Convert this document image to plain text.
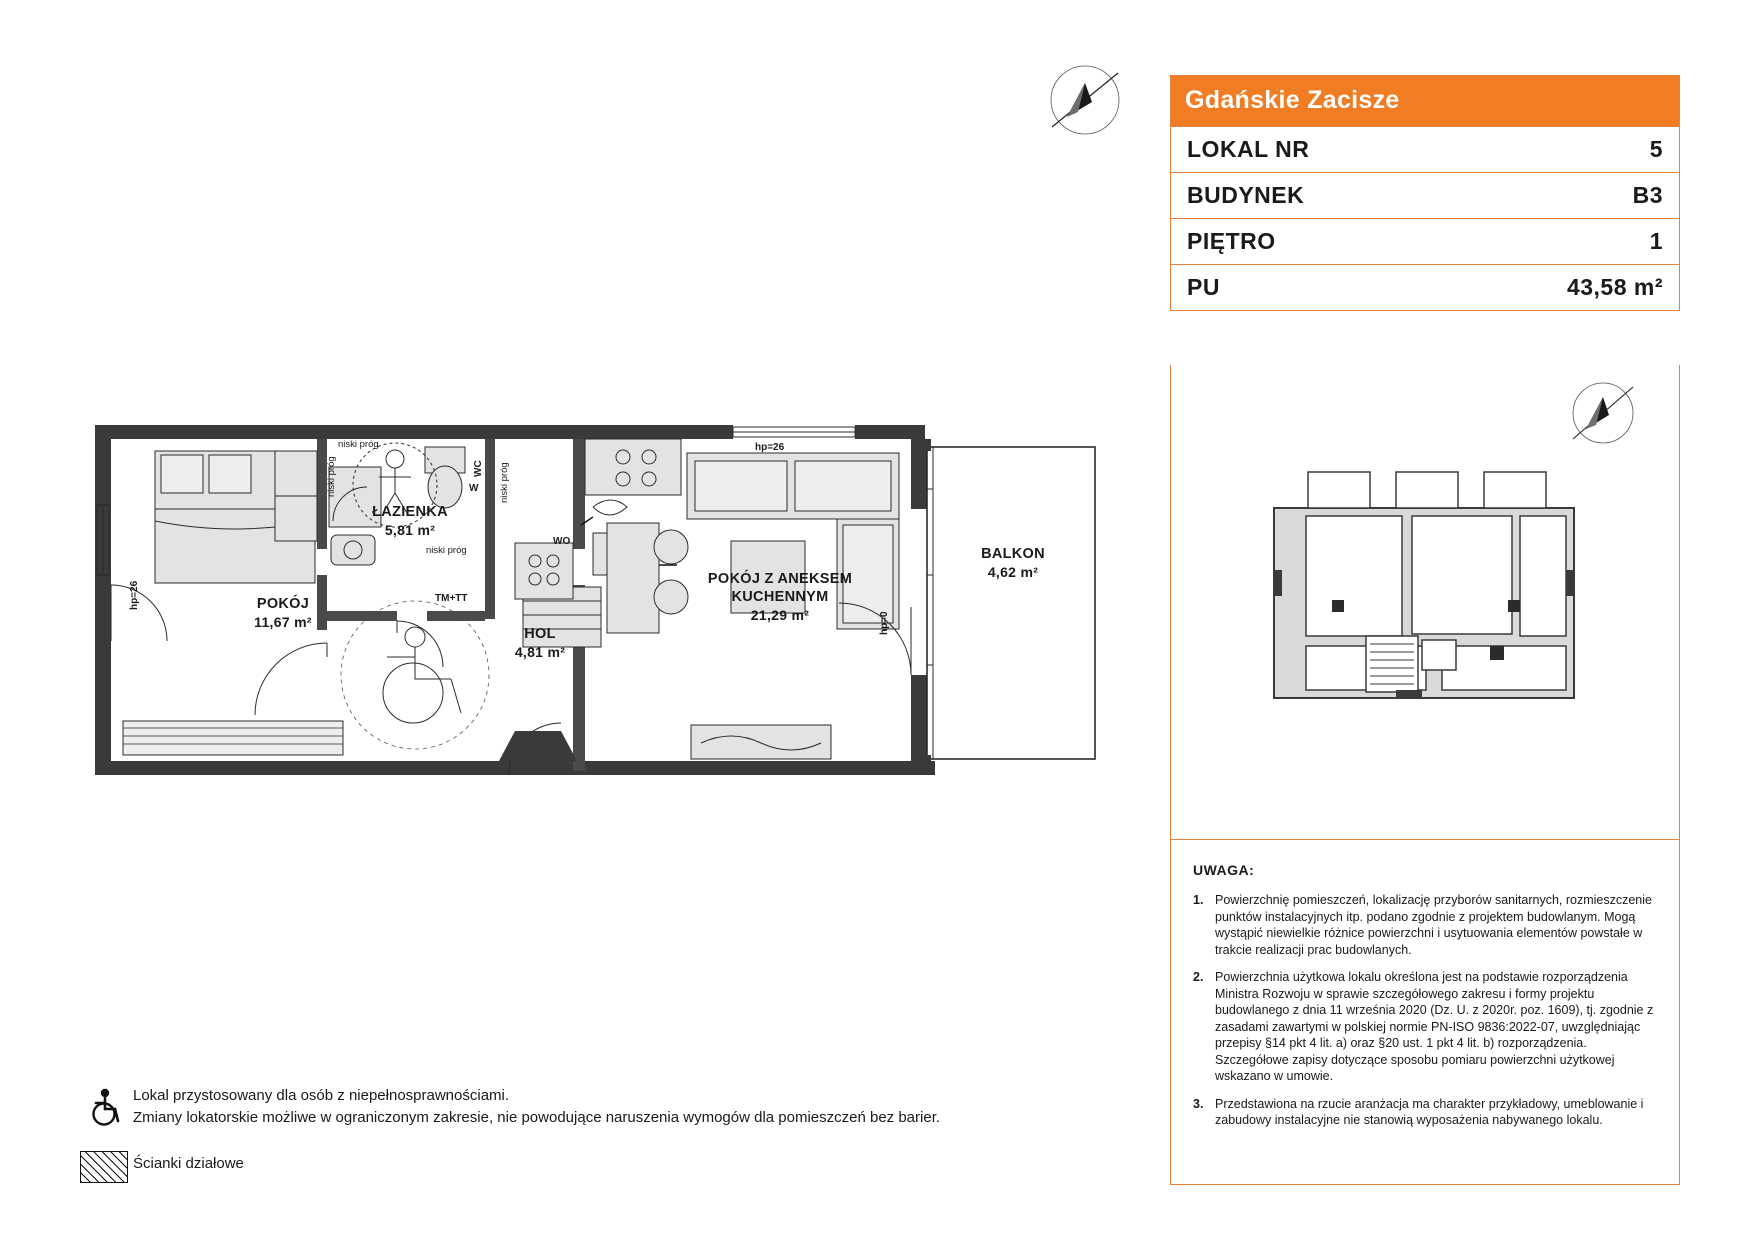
Gdańskie Zacisze
LOKAL NR	5
BUDYNEK	B3
PIĘTRO	1
PU	43,58 m²
UWAGA:
1. Powierzchnię pomieszczeń, lokalizację przyborów sanitarnych, rozmieszczenie punktów instalacyjnych itp. podano zgodnie z projektem budowlanym. Mogą wystąpić niewielkie różnice powierzchni i usytuowania elementów powstałe w trakcie realizacji prac budowlanych.
2. Powierzchnia użytkowa lokalu określona jest na podstawie rozporządzenia Ministra Rozwoju w sprawie szczegółowego zakresu i formy projektu budowlanego z dnia 11 września 2020 (Dz. U. z 2020r. poz. 1609), tj. zgodnie z zasadami zawartymi w polskiej normie PN-ISO 9836:2022-07, uwzględniając przepisy §14 pkt 4 lit. a) oraz §20 ust. 1 pkt 4 lit. b) rozporządzenia. Szczegółowe zapisy dotyczące sposobu pomiaru powierzchni użytkowej wskazano w umowie.
3. Przedstawiona na rzucie aranżacja ma charakter przykładowy, umeblowanie i zabudowy instalacyjne nie stanowią wyposażenia nabywanego lokalu.
Lokal przystosowany dla osób z niepełnosprawnościami.
Zmiany lokatorskie możliwe w ograniczonym zakresie, nie powodujące naruszenia wymogów dla pomieszczeń bez barier.
Ścianki działowe
POKÓJ
11,67 m²
ŁAZIENKA
5,81 m²
HOL
4,81 m²
POKÓJ Z ANEKSEM
KUCHENNYM
21,29 m²
BALKON
4,62 m²
hp=26
hp=26
hp=0
niski próg
niski próg	niski próg
niski próg
WC
W
WO
TM+TT
